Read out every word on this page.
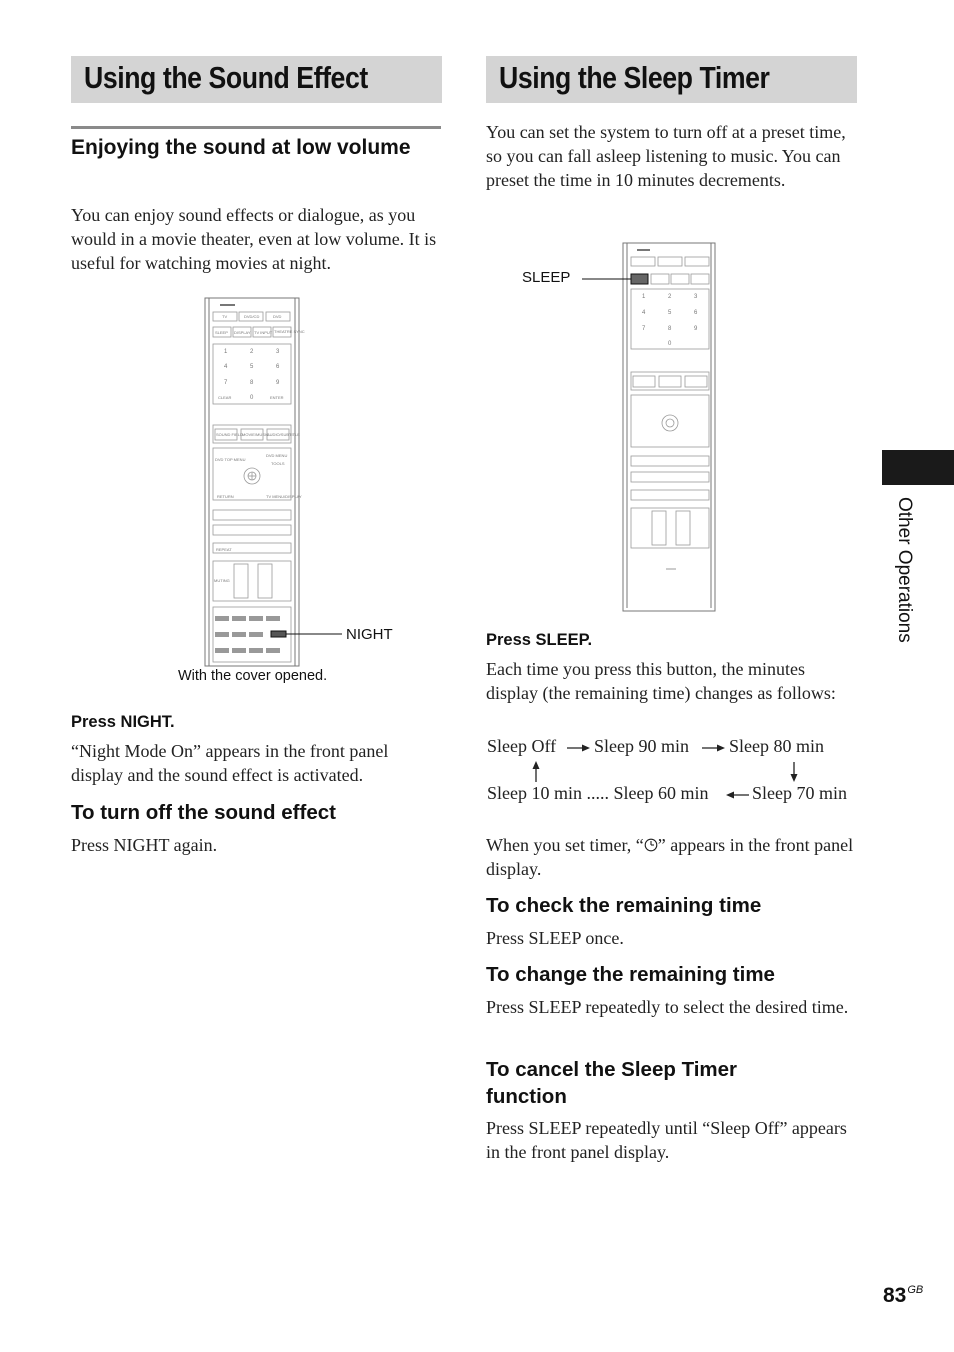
Using the Sound Effect
Enjoying the sound at low volume
You can enjoy sound effects or dialogue, as you would in a movie theater, even at low volume. It is useful for watching movies at night.
TV	DVD/CD	DVD
SLEEP DISPLAY TV INPUT THEATRE SYNC
1	2	3
4	5	6
7	8	9
CLEAR	0	ENTER
SOUND FIELD MOVIE/MUSIC
AUDIO/SUBTITLE
DVD TOP MENU
DVD MENU
TOOLS
RETURN	TV MENU/DISPLAY
REPEAT
MUTING
NIGHT
With the cover opened.
Press NIGHT.
“Night Mode On” appears in the front panel display and the sound effect is activated.
To turn off the sound effect
Press NIGHT again.
Using the Sleep Timer
You can set the system to turn off at a preset time, so you can fall asleep listening to music. You can preset the time in 10 minutes decrements.
1	2	3
4	5	6
7	8	9
0
SLEEP
Press SLEEP.
Each time you press this button, the minutes display (the remaining time) changes as follows:
Sleep Off Sleep 90 min Sleep 80 min
Sleep 10 min ..... Sleep 60 min Sleep 70 min
When you set timer, “ ” appears in the front panel display.
To check the remaining time
Press SLEEP once.
To change the remaining time
Press SLEEP repeatedly to select the desired time.
To cancel the Sleep Timer function
Press SLEEP repeatedly until “Sleep Off” appears in the front panel display.
Other Operations
$83^{GB}$
